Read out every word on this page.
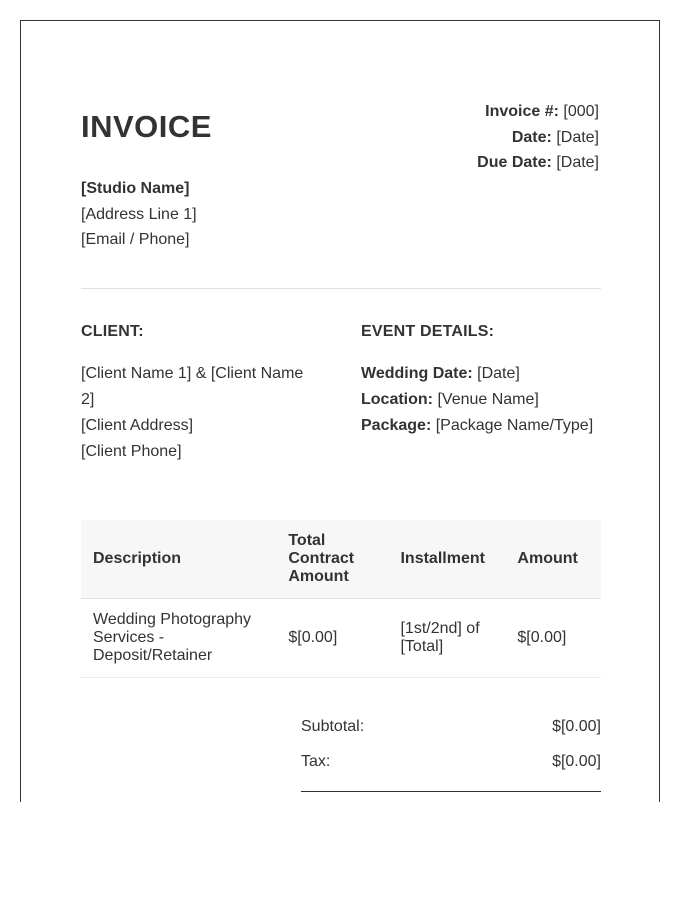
INVOICE	Invoice #: [000]
Date: [Date]
Due Date: [Date]
[Studio Name]
[Address Line 1]
[Email / Phone]
CLIENT:	EVENT DETAILS:
[Client Name 1] & [Client Name 2]
[Client Address]
[Client Phone]
Wedding Date: [Date]
Location: [Venue Name]
Package: [Package Name/Type]
Description	Total Contract Amount	Installment	Amount
Wedding Photography Services - Deposit/Retainer	$[0.00]	[1st/2nd] of [Total]	$[0.00]
Subtotal:	$[0.00]
Tax:	$[0.00]
